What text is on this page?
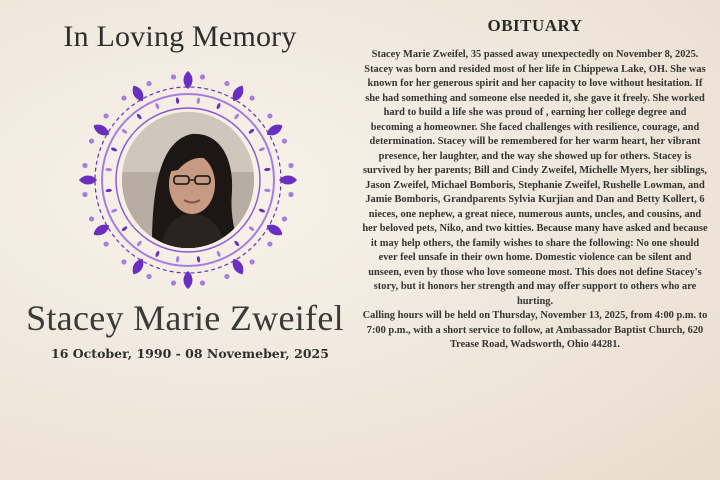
In Loving Memory
Stacey Marie Zweifel
16 October, 1990 - 08 Novemeber, 2025
OBITUARY

Stacey Marie Zweifel, 35 passed away unexpectedly on November 8, 2025. Stacey was born and resided most of her life in Chippewa Lake, OH. She was known for her generous spirit and her capacity to love without hesitation. If she had something and someone else needed it, she gave it freely. She worked hard to build a life she was proud of , earning her college degree and becoming a homeowner. She faced challenges with resilience, courage, and determination. Stacey will be remembered for her warm heart, her vibrant presence, her laughter, and the way she showed up for others. Stacey is survived by her parents; Bill and Cindy Zweifel, Michelle Myers, her siblings, Jason Zweifel, Michael Bomboris, Stephanie Zweifel, Rushelle Lowman, and Jamie Bomboris, Grandparents Sylvia Kurjian and Dan and Betty Kollert, 6 nieces, one nephew, a great niece, numerous aunts, uncles, and cousins, and her beloved pets, Niko, and two kitties. Because many have asked and because it may help others, the family wishes to share the following: No one should ever feel unsafe in their own home. Domestic violence can be silent and unseen, even by those who love someone most. This does not define Stacey's story, but it honors her strength and may offer support to others who are hurting.

Calling hours will be held on Thursday, November 13, 2025, from 4:00 p.m. to 7:00 p.m., with a short service to follow, at Ambassador Baptist Church, 620 Trease Road, Wadsworth, Ohio 44281.
